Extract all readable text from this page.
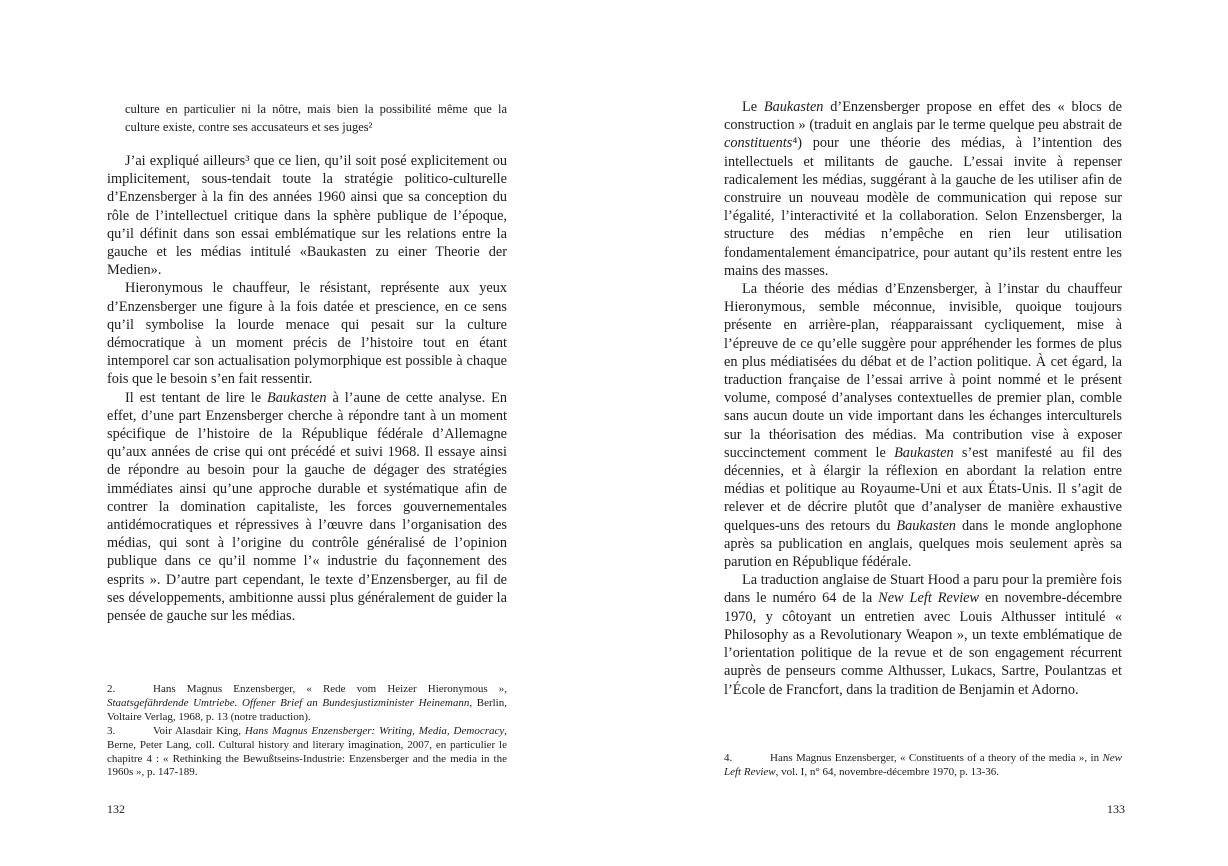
culture en particulier ni la nôtre, mais bien la possibilité même que la culture existe, contre ses accusateurs et ses juges²

J’ai expliqué ailleurs³ que ce lien, qu’il soit posé explicitement ou implicitement, sous-tendait toute la stratégie politico-culturelle d’Enzensberger à la fin des années 1960 ainsi que sa conception du rôle de l’intellectuel critique dans la sphère publique de l’époque, qu’il définit dans son essai emblématique sur les relations entre la gauche et les médias intitulé «Baukasten zu einer Theorie der Medien».

Hieronymous le chauffeur, le résistant, représente aux yeux d’Enzensberger une figure à la fois datée et prescience, en ce sens qu’il symbolise la lourde menace qui pesait sur la culture démocratique à un moment précis de l’histoire tout en étant intemporel car son actualisation polymorphique est possible à chaque fois que le besoin s’en fait ressentir.

Il est tentant de lire le Baukasten à l’aune de cette analyse. En effet, d’une part Enzensberger cherche à répondre tant à un moment spécifique de l’histoire de la République fédérale d’Allemagne qu’aux années de crise qui ont précédé et suivi 1968. Il essaye ainsi de répondre au besoin pour la gauche de dégager des stratégies immédiates ainsi qu’une approche durable et systématique afin de contrer la domination capitaliste, les forces gouvernementales antidémocratiques et répressives à l’œuvre dans l’organisation des médias, qui sont à l’origine du contrôle généralisé de l’opinion publique dans ce qu’il nomme l’« industrie du façonnement des esprits ». D’autre part cependant, le texte d’Enzensberger, au fil de ses développements, ambitionne aussi plus généralement de guider la pensée de gauche sur les médias.

2.	Hans Magnus Enzensberger, « Rede vom Heizer Hieronymous », Staatsgefährdende Umtriebe. Offener Brief an Bundesjustizminister Heinemann, Berlin, Voltaire Verlag, 1968, p. 13 (notre traduction).

3.	Voir Alasdair King, Hans Magnus Enzensberger: Writing, Media, Democracy, Berne, Peter Lang, coll. Cultural history and literary imagination, 2007, en particulier le chapitre 4 : « Rethinking the Bewußtseins-Industrie: Enzensberger and the media in the 1960s », p. 147-189.

132

Le Baukasten d’Enzensberger propose en effet des « blocs de construction » (traduit en anglais par le terme quelque peu abstrait de constituents⁴) pour une théorie des médias, à l’intention des intellectuels et militants de gauche. L’essai invite à repenser radicalement les médias, suggérant à la gauche de les utiliser afin de construire un nouveau modèle de communication qui repose sur l’égalité, l’interactivité et la collaboration. Selon Enzensberger, la structure des médias n’empêche en rien leur utilisation fondamentalement émancipatrice, pour autant qu’ils restent entre les mains des masses.

La théorie des médias d’Enzensberger, à l’instar du chauffeur Hieronymous, semble méconnue, invisible, quoique toujours présente en arrière-plan, réapparaissant cycliquement, mise à l’épreuve de ce qu’elle suggère pour appréhender les formes de plus en plus médiatisées du débat et de l’action politique. À cet égard, la traduction française de l’essai arrive à point nommé et le présent volume, composé d’analyses contextuelles de premier plan, comble sans aucun doute un vide important dans les échanges interculturels sur la théorisation des médias. Ma contribution vise à exposer succinctement comment le Baukasten s’est manifesté au fil des décennies, et à élargir la réflexion en abordant la relation entre médias et politique au Royaume-Uni et aux États-Unis. Il s’agit de relever et de décrire plutôt que d’analyser de manière exhaustive quelques-uns des retours du Baukasten dans le monde anglophone après sa publication en anglais, quelques mois seulement après sa parution en République fédérale.

La traduction anglaise de Stuart Hood a paru pour la première fois dans le numéro 64 de la New Left Review en novembre-décembre 1970, y côtoyant un entretien avec Louis Althusser intitulé « Philosophy as a Revolutionary Weapon », un texte emblématique de l’orientation politique de la revue et de son engagement récurrent auprès de penseurs comme Althusser, Lukacs, Sartre, Poulantzas et l’École de Francfort, dans la tradition de Benjamin et Adorno.

4.	Hans Magnus Enzensberger, « Constituents of a theory of the media », in New Left Review, vol. I, n° 64, novembre-décembre 1970, p. 13-36.

133
